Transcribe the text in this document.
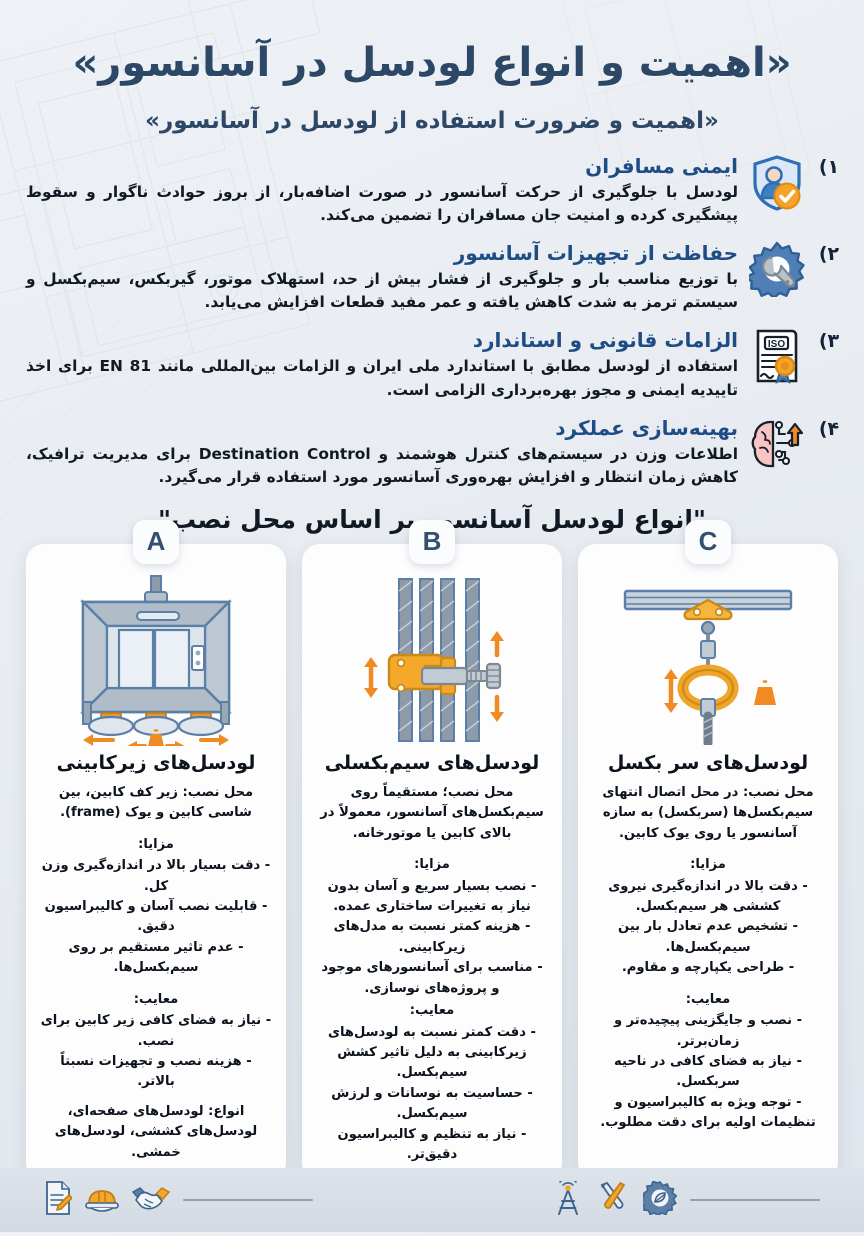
«اهمیت و انواع لودسل در آسانسور»
«اهمیت و ضرورت استفاده از لودسل در آسانسور»
۱)
ایمنی مسافران
لودسل با جلوگیری از حرکت آسانسور در صورت اضافه‌بار، از بروز حوادث ناگوار و سقوط پیشگیری کرده و امنیت جان مسافران را تضمین می‌کند.
۲)
حفاظت از تجهیزات آسانسور
با توزیع مناسب بار و جلوگیری از فشار بیش از حد، استهلاک موتور، گیربکس، سیم‌بکسل و سیستم ترمز به شدت کاهش یافته و عمر مفید قطعات افزایش می‌یابد.
۳)
ISO
الزامات قانونی و استاندارد
استفاده از لودسل مطابق با استاندارد ملی ایران و الزامات بین‌المللی مانند EN 81 برای اخذ تاییدیه ایمنی و مجوز بهره‌برداری الزامی است.
۴)
بهینه‌سازی عملکرد
اطلاعات وزن در سیستم‌های کنترل هوشمند و Destination Control برای مدیریت ترافیک، کاهش زمان انتظار و افزایش بهره‌وری آسانسور مورد استفاده قرار می‌گیرد.
"انواع لودسل آسانسور بر اساس محل نصب"
C
لودسل‌های سر بکسل
محل نصب: در محل اتصال انتهای سیم‌بکسل‌ها (سربکسل) به سازه آسانسور یا روی یوک کابین.
مزایا:
- دقت بالا در اندازه‌گیری نیروی کششی هر سیم‌بکسل.
- تشخیص عدم تعادل بار بین سیم‌بکسل‌ها.
- طراحی یکپارچه و مقاوم.
معایب:
- نصب و جایگزینی پیچیده‌تر و زمان‌برتر.
- نیاز به فضای کافی در ناحیه سربکسل.
- توجه ویژه به کالیبراسیون و تنظیمات اولیه برای دقت مطلوب.
B
لودسل‌های سیم‌بکسلی
محل نصب؛ مستقیماً روی سیم‌بکسل‌های آسانسور، معمولاً در بالای کابین یا موتورخانه.
مزایا:
- نصب بسیار سریع و آسان بدون نیاز به تغییرات ساختاری عمده.
- هزینه کمتر نسبت به مدل‌های زیرکابینی.
- مناسب برای آسانسورهای موجود و پروژه‌های نوسازی.
معایب:
- دقت کمتر نسبت به لودسل‌های زیرکابینی به دلیل تاثیر کشش سیم‌بکسل.
- حساسیت به نوسانات و لرزش سیم‌بکسل.
- نیاز به تنظیم و کالیبراسیون دقیق‌تر.
A
لودسل‌های زیرکابینی
محل نصب: زیر کف کابین، بین شاسی کابین و یوک (frame).
مزایا:
- دقت بسیار بالا در اندازه‌گیری وزن کل.
- قابلیت نصب آسان و کالیبراسیون دقیق.
- عدم تاثیر مستقیم بر روی سیم‌بکسل‌ها.
معایب:
- نیاز به فضای کافی زیر کابین برای نصب.
- هزینه نصب و تجهیزات نسبتاً بالاتر.
انواع: لودسل‌های صفحه‌ای، لودسل‌های کششی، لودسل‌های خمشی.
